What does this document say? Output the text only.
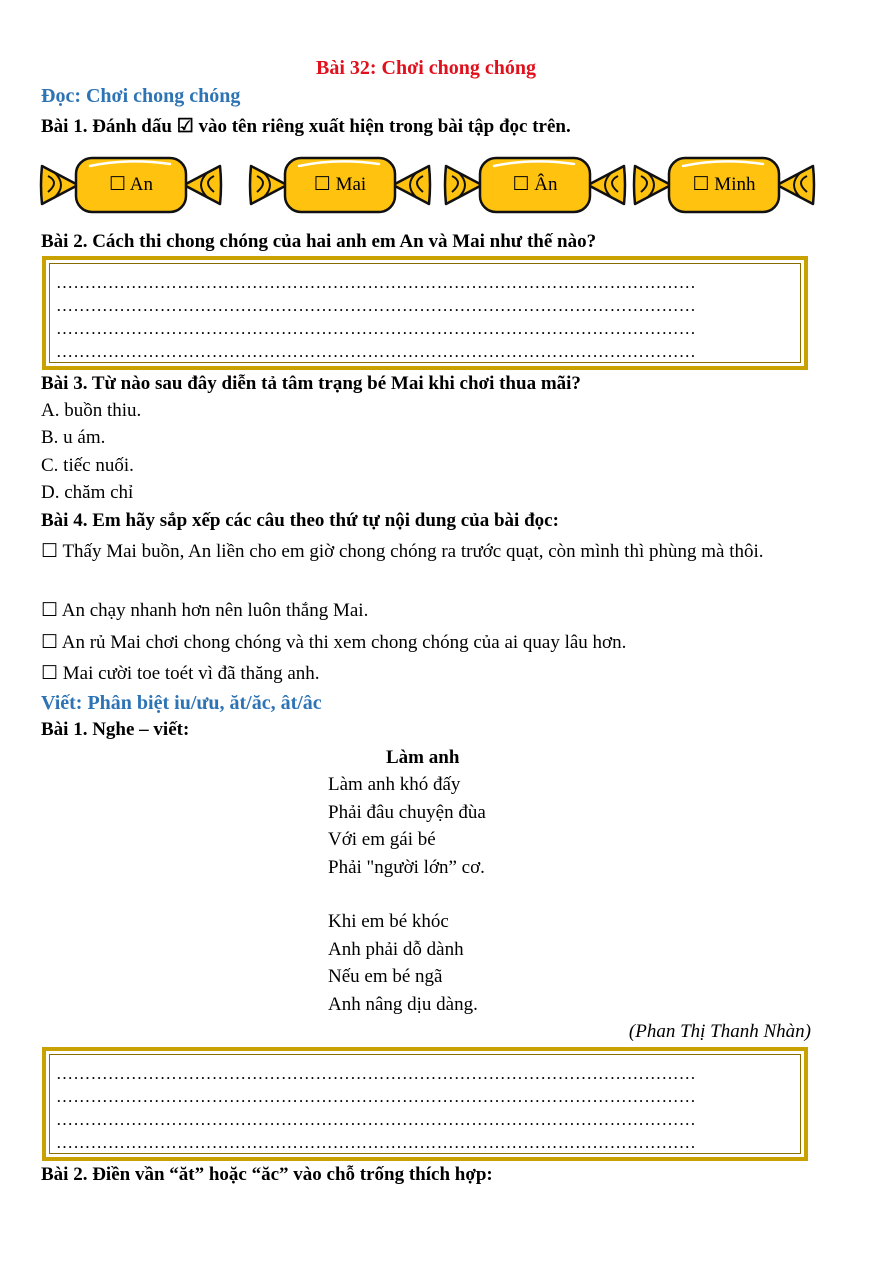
Bài 32: Chơi chong chóng
Đọc: Chơi chong chóng
Bài 1. Đánh dấu ☑ vào tên riêng xuất hiện trong bài tập đọc trên.
☐ An	☐ Mai	☐ Ân	☐ Minh
Bài 2. Cách thi chong chóng của hai anh em An và Mai như thế nào?
…………………………………………………………………………………………………
…………………………………………………………………………………………………
…………………………………………………………………………………………………
…………………………………………………………………………………………………
Bài 3. Từ nào sau đây diễn tả tâm trạng bé Mai khi chơi thua mãi?
A. buồn thiu.
B. u ám.
C. tiếc nuối.
D. chăm chỉ
Bài 4. Em hãy sắp xếp các câu theo thứ tự nội dung của bài đọc:
☐ Thấy Mai buồn, An liền cho em giờ chong chóng ra trước quạt, còn mình thì phùng mà thôi.
☐ An chạy nhanh hơn nên luôn thắng Mai.
☐ An rủ Mai chơi chong chóng và thi xem chong chóng của ai quay lâu hơn.
☐ Mai cười toe toét vì đã thăng anh.
Viết: Phân biệt iu/ưu, ăt/ăc, ât/âc
Bài 1. Nghe – viết:
Làm anh
Làm anh khó đấy
Phải đâu chuyện đùa
Với em gái bé
Phải "người lớn” cơ.
Khi em bé khóc
Anh phải dỗ dành
Nếu em bé ngã
Anh nâng dịu dàng.
(Phan Thị Thanh Nhàn)
…………………………………………………………………………………………………
…………………………………………………………………………………………………
…………………………………………………………………………………………………
…………………………………………………………………………………………………
Bài 2. Điền vần “ăt” hoặc “ăc” vào chỗ trống thích hợp:
